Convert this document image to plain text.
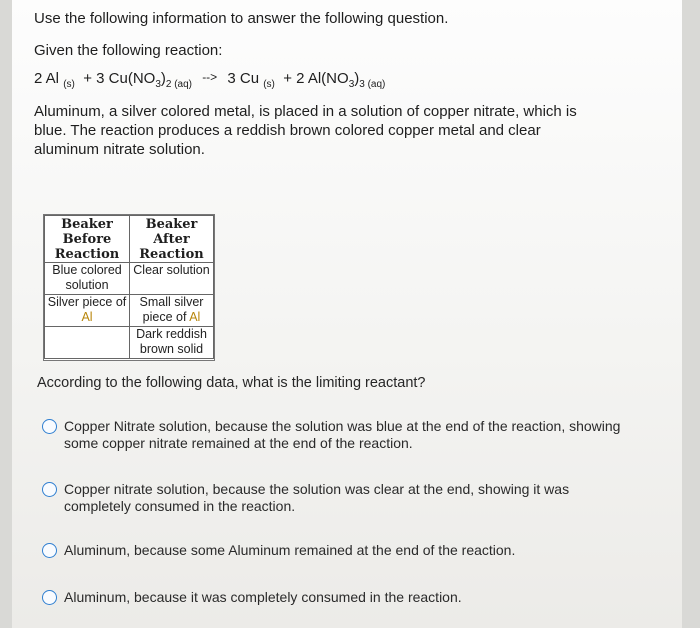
Use the following information to answer the following question.
Given the following reaction:
2 Al (s) + 3 Cu(NO3)2 (aq) --> 3 Cu (s) + 2 Al(NO3)3 (aq)
Aluminum, a silver colored metal, is placed in a solution of copper nitrate, which is blue. The reaction produces a reddish brown colored copper metal and clear aluminum nitrate solution.
Beaker Before Reaction	Beaker After Reaction
Blue colored solution	Clear solution
Silver piece of Al	Small silver piece of Al
	Dark reddish brown solid
According to the following data, what is the limiting reactant?
Copper Nitrate solution, because the solution was blue at the end of the reaction, showing some copper nitrate remained at the end of the reaction.
Copper nitrate solution, because the solution was clear at the end, showing it was completely consumed in the reaction.
Aluminum, because some Aluminum remained at the end of the reaction.
Aluminum, because it was completely consumed in the reaction.
